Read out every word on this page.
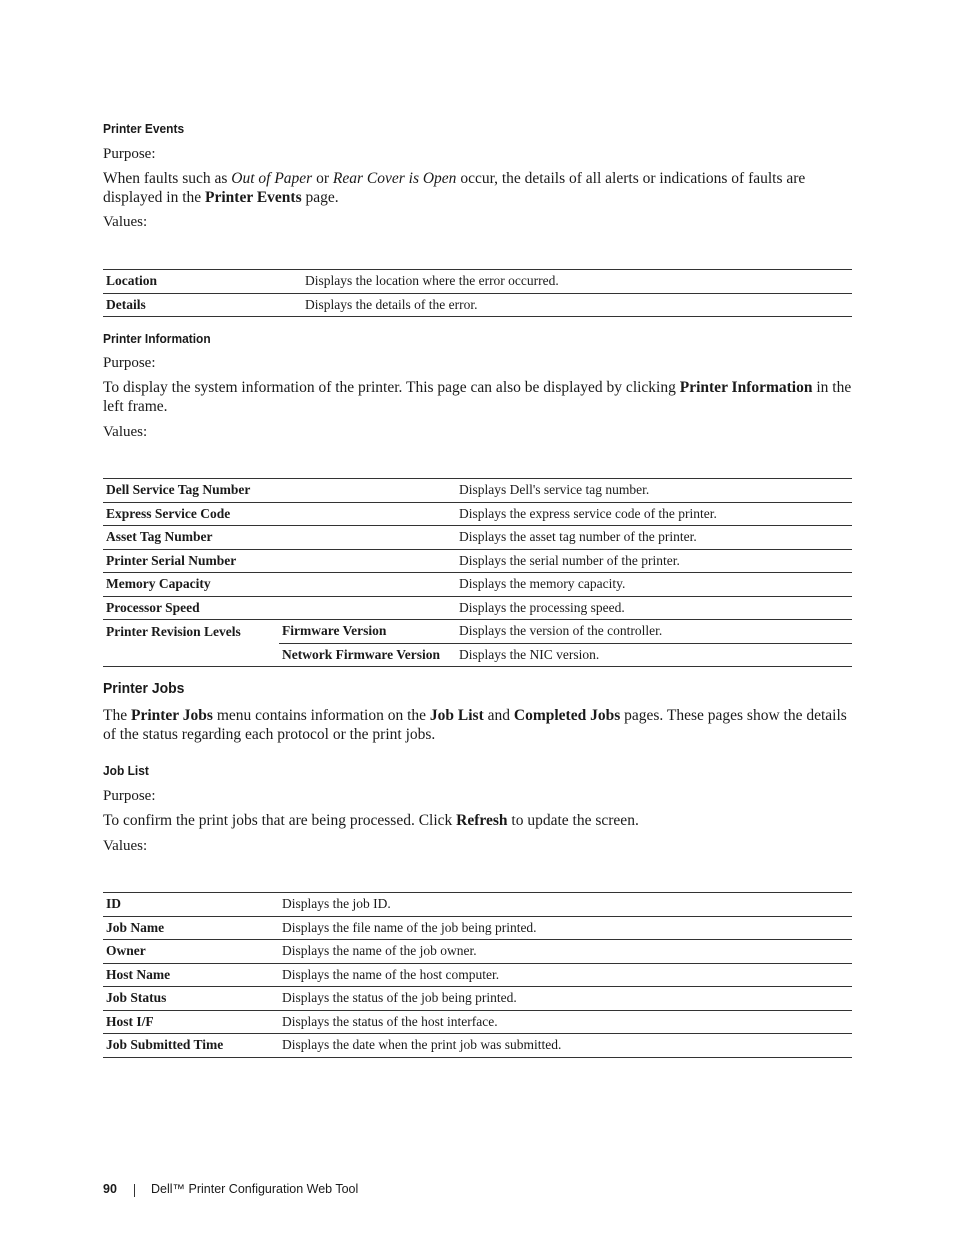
Printer Events
Purpose:
When faults such as Out of Paper or Rear Cover is Open occur, the details of all alerts or indications of faults are displayed in the Printer Events page.
Values:
Location	Displays the location where the error occurred.
Details	Displays the details of the error.
Printer Information
Purpose:
To display the system information of the printer. This page can also be displayed by clicking Printer Information in the left frame.
Values:
Dell Service Tag Number		Displays Dell's service tag number.
Express Service Code		Displays the express service code of the printer.
Asset Tag Number		Displays the asset tag number of the printer.
Printer Serial Number		Displays the serial number of the printer.
Memory Capacity		Displays the memory capacity.
Processor Speed		Displays the processing speed.
Printer Revision Levels	Firmware Version	Displays the version of the controller.
	Network Firmware Version	Displays the NIC version.
Printer Jobs
The Printer Jobs menu contains information on the Job List and Completed Jobs pages. These pages show the details of the status regarding each protocol or the print jobs.
Job List
Purpose:
To confirm the print jobs that are being processed. Click Refresh to update the screen.
Values:
ID	Displays the job ID.
Job Name	Displays the file name of the job being printed.
Owner	Displays the name of the job owner.
Host Name	Displays the name of the host computer.
Job Status	Displays the status of the job being printed.
Host I/F	Displays the status of the host interface.
Job Submitted Time	Displays the date when the print job was submitted.
90	Dell™ Printer Configuration Web Tool
